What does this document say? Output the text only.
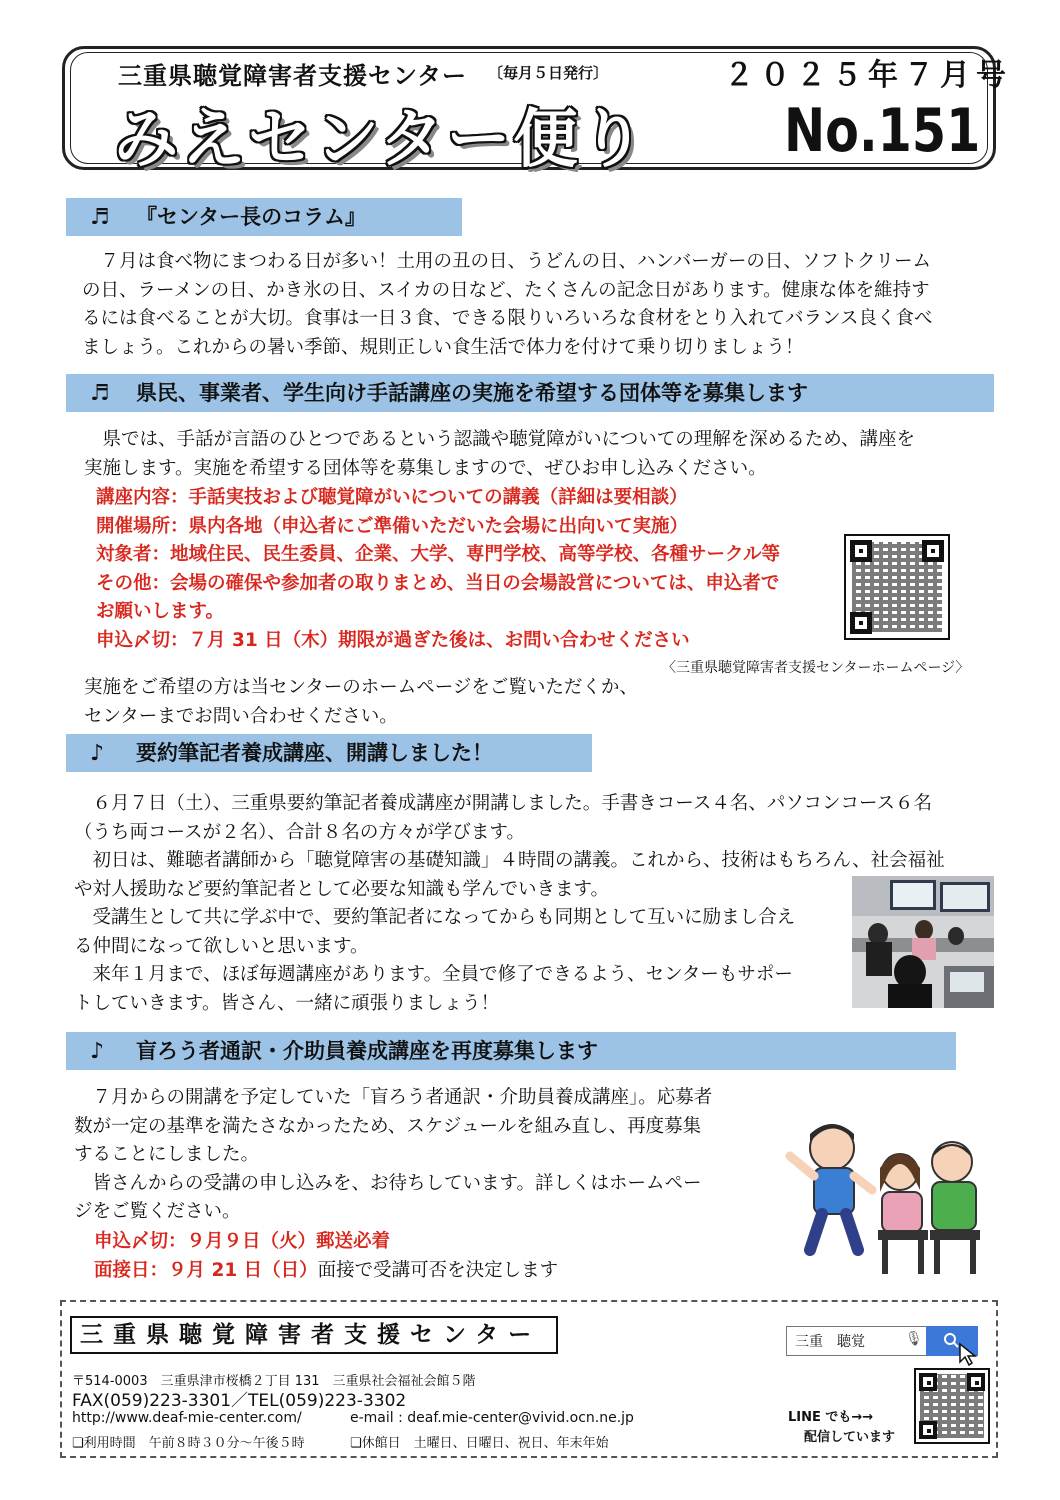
三重県聴覚障害者支援センター 〔毎月５日発行〕	２０２５年７月号
みえセンター便り No.151
♬ 『センター長のコラム』
　７月は食べ物にまつわる日が多い！土用の丑の日、うどんの日、ハンバーガーの日、ソフトクリーム
の日、ラーメンの日、かき氷の日、スイカの日など、たくさんの記念日があります。健康な体を維持す
るには食べることが大切。食事は一日３食、できる限りいろいろな食材をとり入れてバランス良く食べ
ましょう。これからの暑い季節、規則正しい食生活で体力を付けて乗り切りましょう！
♬ 県民、事業者、学生向け手話講座の実施を希望する団体等を募集します
　県では、手話が言語のひとつであるという認識や聴覚障がいについての理解を深めるため、講座を
実施します。実施を希望する団体等を募集しますので、ぜひお申し込みください。
講座内容：手話実技および聴覚障がいについての講義（詳細は要相談）
開催場所：県内各地（申込者にご準備いただいた会場に出向いて実施）
対象者：地域住民、民生委員、企業、大学、専門学校、高等学校、各種サークル等
その他：会場の確保や参加者の取りまとめ、当日の会場設営については、申込者で
お願いします。
申込〆切：７月 31 日（木）期限が過ぎた後は、お問い合わせください
〈三重県聴覚障害者支援センターホームページ〉
実施をご希望の方は当センターのホームページをご覧いただくか、
センターまでお問い合わせください。
♪ 要約筆記者養成講座、開講しました！
　６月７日（土）、三重県要約筆記者養成講座が開講しました。手書きコース４名、パソコンコース６名
（うち両コースが２名）、合計８名の方々が学びます。
　初日は、難聴者講師から「聴覚障害の基礎知識」４時間の講義。これから、技術はもちろん、社会福祉
や対人援助など要約筆記者として必要な知識も学んでいきます。
　受講生として共に学ぶ中で、要約筆記者になってからも同期として互いに励まし合え
る仲間になって欲しいと思います。
　来年１月まで、ほぼ毎週講座があります。全員で修了できるよう、センターもサポー
トしていきます。皆さん、一緒に頑張りましょう！
♪ 盲ろう者通訳・介助員養成講座を再度募集します
　７月からの開講を予定していた「盲ろう者通訳・介助員養成講座」。応募者
数が一定の基準を満たさなかったため、スケジュールを組み直し、再度募集
することにしました。
　皆さんからの受講の申し込みを、お待ちしています。詳しくはホームペー
ジをご覧ください。
申込〆切：９月９日（火）郵送必着
面接日：９月 21 日（日）面接で受講可否を決定します
三重県聴覚障害者支援センター	三重　聴覚	🎙
〒514-0003　三重県津市桜橋２丁目 131　三重県社会福祉会館５階
FAX(059)223-3301／TEL(059)223-3302
http://www.deaf-mie-center.com/	e-mail : deaf.mie-center@vivid.ocn.ne.jp
❏利用時間　午前８時３０分～午後５時	❏休館日　土曜日、日曜日、祝日、年末年始
LINE でも→→
配信しています
